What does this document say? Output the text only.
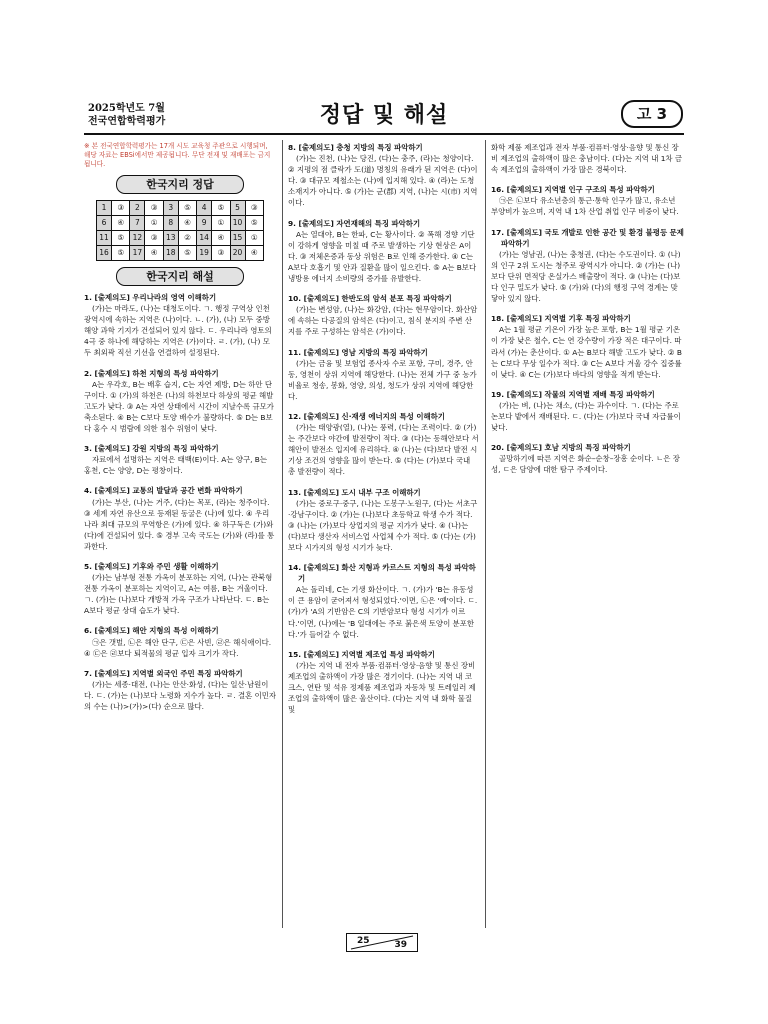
2025학년도 7월
전국연합학력평가	정답 및 해설	고 3
※ 본 전국연합학력평가는 17개 시도 교육청 주관으로 시행되며, 해당 자료는 EBSi에서만 제공됩니다. 무단 전재 및 재배포는 금지됩니다.
한국지리 정답
1	③	2	③	3	⑤	4	⑤	5	③
6	④	7	①	8	④	9	①	10	⑤
11	⑤	12	③	13	②	14	④	15	①
16	⑤	17	④	18	⑤	19	③	20	④
한국지리 해설
1. [출제의도] 우리나라의 영역 이해하기
(가)는 마라도, (나)는 대청도이다. ㄱ. 행정 구역상 인천광역시에 속하는 지역은 (나)이다. ㄴ. (가), (나) 모두 중방 해양 과학 기지가 건설되어 있지 않다. ㄷ. 우리나라 영토의 4극 중 하나에 해당하는 지역은 (가)이다. ㄹ. (가), (나) 모두 최외곽 직선 기선을 연결하여 설정된다.
2. [출제의도] 하천 지형의 특성 파악하기
A는 우각호, B는 배후 습지, C는 자연 제방, D는 하안 단구이다. ① (가)의 하천은 (나)의 하천보다 하상의 평균 해발 고도가 낮다. ③ A는 자연 상태에서 시간이 지날수록 규모가 축소된다. ④ B는 C보다 토양 배수가 불량하다. ⑤ D는 B보다 홍수 시 범람에 의한 침수 위험이 낮다.
3. [출제의도] 강원 지방의 특징 파악하기
자료에서 설명하는 지역은 태백(E)이다. A는 양구, B는 홍천, C는 양양, D는 평창이다.
4. [출제의도] 교통의 발달과 공간 변화 파악하기
(가)는 부산, (나)는 거주, (다)는 목포, (라)는 청주이다. ③ 세계 자연 유산으로 등재된 동굴은 (나)에 있다. ④ 우리나라 최대 규모의 무역항은 (가)에 있다. ④ 하구둑은 (가)와 (다)에 건설되어 있다. ⑤ 경부 고속 국도는 (가)와 (라)를 통과한다.
5. [출제의도] 기후와 주민 생활 이해하기
(가)는 남부형 전통 가옥이 분포하는 지역, (나)는 관북형 전통 가옥이 분포하는 지역이고, A는 여름, B는 겨울이다. ㄱ. (가)는 (나)보다 개방적 가옥 구조가 나타난다. ㄷ. B는 A보다 평균 상대 습도가 낮다.
6. [출제의도] 해안 지형의 특성 이해하기
㉠은 갯벌, ㉡은 해안 단구, ㉢은 사빈, ㉣은 해식애이다. ④ ㉢은 ㉣보다 퇴적물의 평균 입자 크기가 작다.
7. [출제의도] 지역별 외국인 주민 특징 파악하기
(가)는 세종·대전, (나)는 안산·화성, (다)는 일산·남원이다. ㄷ. (가)는 (나)보다 노령화 지수가 높다. ㄹ. 결혼 이민자의 수는 (나)>(가)>(다) 순으로 많다.
8. [출제의도] 충청 지방의 특징 파악하기
(가)는 진천, (나)는 당진, (다)는 충주, (라)는 청양이다. ② 지평의 점 클락가 도(道) 명칭의 유래가 된 지역은 (다)이다. ③ 대규모 제철소는 (나)에 입지해 있다. ④ (라)는 도청 소재지가 아니다. ⑤ (가)는 군(郡) 지역, (나)는 시(市) 지역이다.
9. [출제의도] 자연재해의 특징 파악하기
A는 열대야, B는 한파, C는 황사이다. ② 폭해 경향 기단이 강하게 영향을 미칠 때 주로 발생하는 기상 현상은 A이다. ③ 저체온증과 동상 위험은 B로 인해 증가한다. ④ C는 A보다 호흡기 및 안과 질환을 많이 일으킨다. ⑤ A는 B보다 냉방용 에너지 소비량의 증가를 유발한다.
10. [출제의도] 한반도의 암석 분포 특징 파악하기
(가)는 변성암, (나)는 화강암, (다)는 현무암이다. 화산암에 속하는 다공질의 암석은 (다)이고, 침식 분지의 주변 산지를 주로 구성하는 암석은 (가)이다.
11. [출제의도] 영남 지방의 특징 파악하기
(가)는 금융 및 보험업 종사자 수로 포항, 구미, 경주, 안동, 영천이 상위 지역에 해당한다. (나)는 전체 가구 중 농가 비율로 청송, 봉화, 영양, 의성, 청도가 상위 지역에 해당한다.
12. [출제의도] 신·재생 에너지의 특성 이해하기
(가)는 태양광(열), (나)는 풍력, (다)는 조력이다. ② (가)는 주간보다 야간에 발전량이 적다. ③ (다)는 동해안보다 서해안이 발전소 입지에 유리하다. ④ (나)는 (다)보다 발전 시 기상 조건의 영향을 많이 받는다. ⑤ (다)는 (가)보다 국내 총 발전량이 적다.
13. [출제의도] 도시 내부 구조 이해하기
(가)는 중로구·중구, (나)는 도봉구·노원구, (다)는 서초구·강남구이다. ② (가)는 (나)보다 초등학교 학생 수가 적다. ③ (나)는 (가)보다 상업지의 평균 지가가 낮다. ④ (나)는 (다)보다 생산자 서비스업 사업체 수가 적다. ⑤ (다)는 (가)보다 시가지의 형성 시기가 늦다.
14. [출제의도] 화산 지형과 카르스트 지형의 특성 파악하기
A는 돌리네, C는 기생 화산이다. ㄱ. (가)가 'B는 유동성이 큰 용암이 굳어져서 형성되었다.'이면, ㉡은 '예'이다. ㄷ. (가)가 'A의 기반암은 C의 기반암보다 형성 시기가 이르다.'이면, (나)에는 'B 일대에는 주로 붉은색 토양이 분포한다.'가 들어갈 수 없다.
15. [출제의도] 지역별 제조업 특성 파악하기
(가)는 지역 내 전자 부품·컴퓨터·영상·음향 및 통신 장비 제조업의 출하액이 가장 많은 경기이다. (나)는 지역 내 코크스, 연탄 및 석유 정제품 제조업과 자동차 및 트레일러 제조업의 출하액이 많은 울산이다. (다)는 지역 내 화학 물질 및
화학 제품 제조업과 전자 부품·컴퓨터·영상·음향 및 통신 장비 제조업의 출하액이 많은 충남이다. (다)는 지역 내 1차 금속 제조업의 출하액이 가장 많은 경북이다.
16. [출제의도] 지역별 인구 구조의 특성 파악하기
㉠은 ㉡보다 유소년층의 통근·통학 인구가 많고, 유소년 부양비가 높으며, 지역 내 1차 산업 취업 인구 비중이 낮다.
17. [출제의도] 국토 개발로 인한 공간 및 환경 불평등 문제 파악하기
(가)는 영남권, (나)는 충청권, (다)는 수도권이다. ① (나)의 인구 2위 도시는 청주로 광역시가 아니다. ② (가)는 (나)보다 단위 면적당 온실가스 배출량이 적다. ③ (나)는 (다)보다 인구 밀도가 낮다. ⑤ (가)와 (다)의 행정 구역 경계는 맞닿아 있지 않다.
18. [출제의도] 지역별 기후 특징 파악하기
A는 1월 평균 기온이 가장 높은 포항, B는 1월 평균 기온이 가장 낮은 철수, C는 연 강수량이 가장 적은 대구이다. 따라서 (가)는 춘산이다. ① A는 B보다 해발 고도가 낮다. ② B는 C보다 무상 일수가 적다. ③ C는 A보다 겨울 강수 집중률이 낮다. ④ C는 (가)보다 바다의 영향을 적게 받는다.
19. [출제의도] 작물의 지역별 재배 특징 파악하기
(가)는 벼, (나)는 채소, (다)는 과수이다. ㄱ. (다)는 주로 논보다 밭에서 재배된다. ㄷ. (다)는 (가)보다 국내 자급률이 낮다.
20. [출제의도] 호남 지방의 특징 파악하기
골망하기에 따른 지역은 화순–순창–장흥 순이다. ㄴ은 장성, ㄷ은 담양에 대한 탐구 주제이다.
25	39
